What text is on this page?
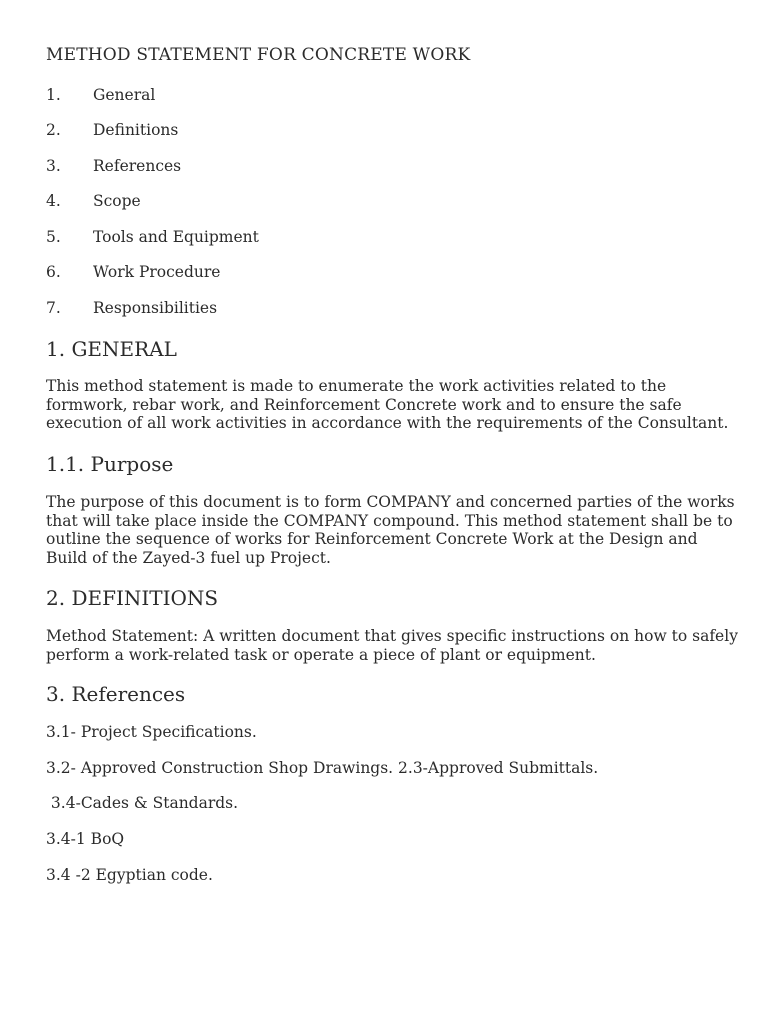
METHOD STATEMENT FOR CONCRETE WORK
1. General
2. Definitions
3. References
4. Scope
5. Tools and Equipment
6. Work Procedure
7. Responsibilities
1. GENERAL

This method statement is made to enumerate the work activities related to the
formwork, rebar work, and Reinforcement Concrete work and to ensure the safe
execution of all work activities in accordance with the requirements of the Consultant.

1.1. Purpose

The purpose of this document is to form COMPANY and concerned parties of the works
that will take place inside the COMPANY compound. This method statement shall be to
outline the sequence of works for Reinforcement Concrete Work at the Design and
Build of the Zayed-3 fuel up Project.

2. DEFINITIONS

Method Statement: A written document that gives specific instructions on how to safely
perform a work-related task or operate a piece of plant or equipment.

3. References
3.1- Project Specifications.
3.2- Approved Construction Shop Drawings. 2.3-Approved Submittals.
3.4-Cades & Standards.
3.4-1 BoQ
3.4 -2 Egyptian code.
